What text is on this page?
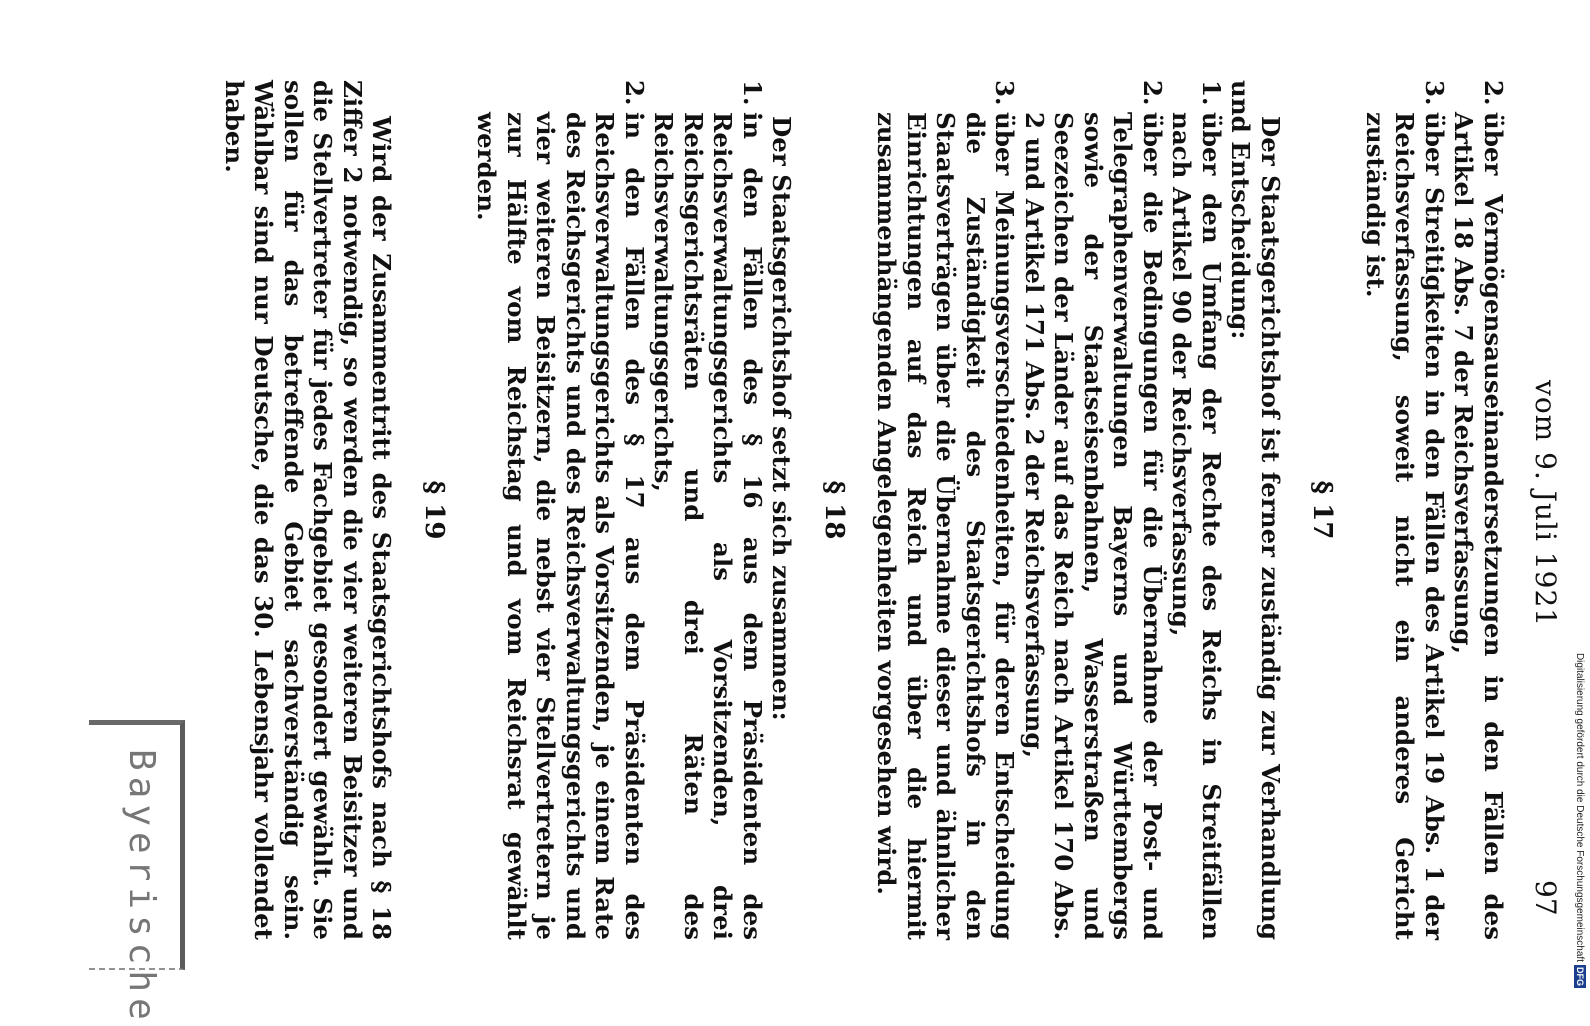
Digitalisierung gefördert durch die Deutsche Forschungsgemeinschaft
DFG
vom 9. Juli 1921
97
2.
über Vermögensauseinandersetzungen in den Fällen des Artikel 18 Abs. 7 der Reichsverfassung,
3.
über Streitigkeiten in den Fällen des Artikel 19 Abs. 1 der Reichsverfassung, soweit nicht ein anderes Gericht zuständig ist.
§ 17
Der Staatsgerichtshof ist ferner zuständig zur Verhandlung und Entscheidung:
1.
über den Umfang der Rechte des Reichs in Streitfällen nach Artikel 90 der Reichsverfassung,
2.
über die Bedingungen für die Übernahme der Post- und Telegraphenverwaltungen Bayerns und Württembergs sowie der Staatseisenbahnen, Wasserstraßen und Seezeichen der Länder auf das Reich nach Artikel 170 Abs. 2 und Artikel 171 Abs. 2 der Reichsverfassung,
3.
über Meinungsverschiedenheiten, für deren Entscheidung die Zuständigkeit des Staatsgerichtshofs in den Staatsverträgen über die Übernahme dieser und ähnlicher Einrichtungen auf das Reich und über die hiermit zusammenhängenden Angelegenheiten vorgesehen wird.
§ 18
Der Staatsgerichtshof setzt sich zusammen:
1.
in den Fällen des § 16 aus dem Präsidenten des Reichsverwaltungsgerichts als Vorsitzenden, drei Reichsgerichtsräten und drei Räten des Reichsverwaltungsgerichts,
2.
in den Fällen des § 17 aus dem Präsidenten des Reichsverwaltungsgerichts als Vorsitzenden, je einem Rate des Reichsgerichts und des Reichsverwaltungsgerichts und vier weiteren Beisitzern, die nebst vier Stellvertretern je zur Hälfte vom Reichstag und vom Reichsrat gewählt werden.
§ 19
Wird der Zusammentritt des Staatsgerichtshofs nach § 18 Ziffer 2 notwendig, so werden die vier weiteren Beisitzer und die Stellvertreter für jedes Fachgebiet gesondert gewählt. Sie sollen für das betreffende Gebiet sachverständig sein. Wählbar sind nur Deutsche, die das 30. Lebensjahr vollendet haben.
Bayerische
